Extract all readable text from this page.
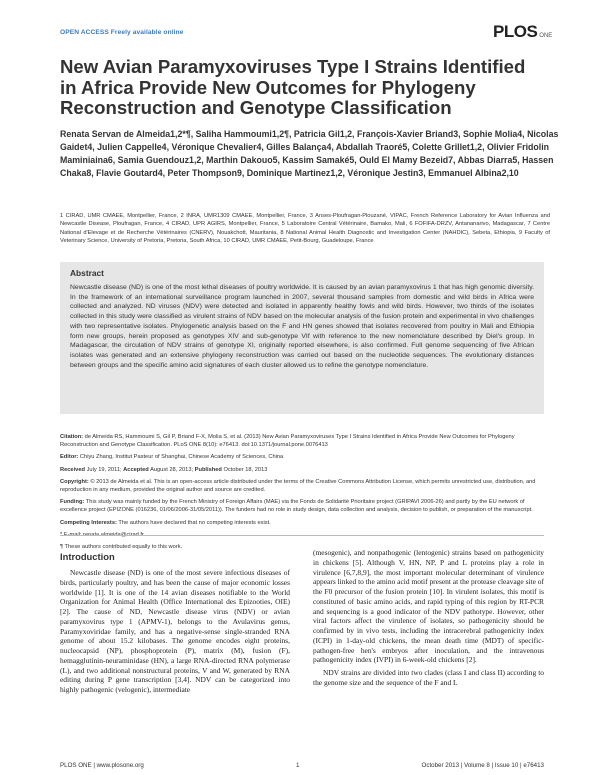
OPEN ACCESS Freely available online	PLOS ONE
New Avian Paramyxoviruses Type I Strains Identified in Africa Provide New Outcomes for Phylogeny Reconstruction and Genotype Classification
Renata Servan de Almeida1,2*¶, Saliha Hammoumi1,2¶, Patricia Gil1,2, François-Xavier Briand3, Sophie Molia4, Nicolas Gaidet4, Julien Cappelle4, Véronique Chevalier4, Gilles Balança4, Abdallah Traoré5, Colette Grillet1,2, Olivier Fridolin Maminiaina6, Samia Guendouz1,2, Marthin Dakouo5, Kassim Samaké5, Ould El Mamy Bezeid7, Abbas Diarra5, Hassen Chaka8, Flavie Goutard4, Peter Thompson9, Dominique Martinez1,2, Véronique Jestin3, Emmanuel Albina2,10
1 CIRAD, UMR CMAEE, Montpellier, France, 2 INRA, UMR1309 CMAEE, Montpellier, France, 3 Anses-Ploufragan-Plouzané, VIPAC, French Reference Laboratory for Avian Influenza and Newcastle Disease, Ploufragan, France, 4 CIRAD, UPR AGIRS, Montpellier, France, 5 Laboratoire Central Vétérinaire, Bamako, Mali, 6 FOFIFA-DRZV, Antananarivo, Madagascar, 7 Centre National d'Elevage et de Recherche Vétérinaires (CNERV), Nouakchott, Mauritania, 8 National Animal Health Diagnostic and Investigation Center (NAHDIC), Sebeta, Ethiopia, 9 Faculty of Veterinary Science, University of Pretoria, Pretoria, South Africa, 10 CIRAD, UMR CMAEE, Petit-Bourg, Guadeloupe, France
Abstract
Newcastle disease (ND) is one of the most lethal diseases of poultry worldwide. It is caused by an avian paramyxovirus 1 that has high genomic diversity. In the framework of an international surveillance program launched in 2007, several thousand samples from domestic and wild birds in Africa were collected and analyzed. ND viruses (NDV) were detected and isolated in apparently healthy fowls and wild birds. However, two thirds of the isolates collected in this study were classified as virulent strains of NDV based on the molecular analysis of the fusion protein and experimental in vivo challenges with two representative isolates. Phylogenetic analysis based on the F and HN genes showed that isolates recovered from poultry in Mali and Ethiopia form new groups, herein proposed as genotypes XIV and sub-genotype VIf with reference to the new nomenclature described by Diel's group. In Madagascar, the circulation of NDV strains of genotype XI, originally reported elsewhere, is also confirmed. Full genome sequencing of five African isolates was generated and an extensive phylogeny reconstruction was carried out based on the nucleotide sequences. The evolutionary distances between groups and the specific amino acid signatures of each cluster allowed us to refine the genotype nomenclature.

Citation: de Almeida RS, Hammoumi S, Gil P, Briand F-X, Molia S, et al. (2013) New Avian Paramyxoviruses Type I Strains Identified in Africa Provide New Outcomes for Phylogeny Reconstruction and Genotype Classification. PLoS ONE 8(10): e76413. doi:10.1371/journal.pone.0076413

Editor: Chiyu Zhang, Institut Pasteur of Shanghai, Chinese Academy of Sciences, China

Received July 19, 2011; Accepted August 28, 2013; Published October 18, 2013

Copyright: © 2013 de Almeida et al. This is an open-access article distributed under the terms of the Creative Commons Attribution License, which permits unrestricted use, distribution, and reproduction in any medium, provided the original author and source are credited.

Funding: This study was mainly funded by the French Ministry of Foreign Affairs (MAE) via the Fonds de Solidarité Prioritaire project (GRIPAVI 2006-26) and partly by the EU network of excellence project (EPIZONE (016236, 01/06/2006-31/05/2011)). The funders had no role in study design, data collection and analysis, decision to publish, or preparation of the manuscript.

Competing Interests: The authors have declared that no competing interests exist.

¶ These authors contributed equally to this work.

Introduction

Newcastle disease (ND) is one of the most severe infectious diseases of birds, particularly poultry, and has been the cause of major economic losses worldwide [1]. It is one of the 14 avian diseases notifiable to the World Organization for Animal Health (Office International des Epizooties, OIE) [2]. The cause of ND, Newcastle disease virus (NDV) or avian paramyxovirus type 1 (APMV-1), belongs to the Avulavirus genus, Paramyxoviridae family, and has a negative-sense single-stranded RNA genome of about 15.2 kilobases. The genome encodes eight proteins, nucleocapsid (NP), phosphoprotein (P), matrix (M), fusion (F), hemagglutinin-neuraminidase (HN), a large RNA-directed RNA polymerase (L), and two additional nonstructural proteins, V and W, generated by RNA editing during P gene transcription [3,4]. NDV can be categorized into highly pathogenic (velogenic), intermediate

(mesogenic), and nonpathogenic (lentogenic) strains based on pathogenicity in chickens [5]. Although V, HN, NP, P and L proteins play a role in virulence [6,7,8,9], the most important molecular determinant of virulence appears linked to the amino acid motif present at the protease cleavage site of the F0 precursor of the fusion protein [10]. In virulent isolates, this motif is constituted of basic amino acids, and rapid typing of this region by RT-PCR and sequencing is a good indicator of the NDV pathotype. However, other viral factors affect the virulence of isolates, so pathogenicity should be confirmed by in vivo tests, including the intracerebral pathogenicity index (ICPI) in 1-day-old chickens, the mean death time (MDT) of specific-pathogen-free hen's embryos after inoculation, and the intravenous pathogenicity index (IVPI) in 6-week-old chickens [2].

NDV strains are divided into two clades (class I and class II) according to the genome size and the sequence of the F and L

PLOS ONE | www.plosone.org	1	October 2013 | Volume 8 | Issue 10 | e76413
